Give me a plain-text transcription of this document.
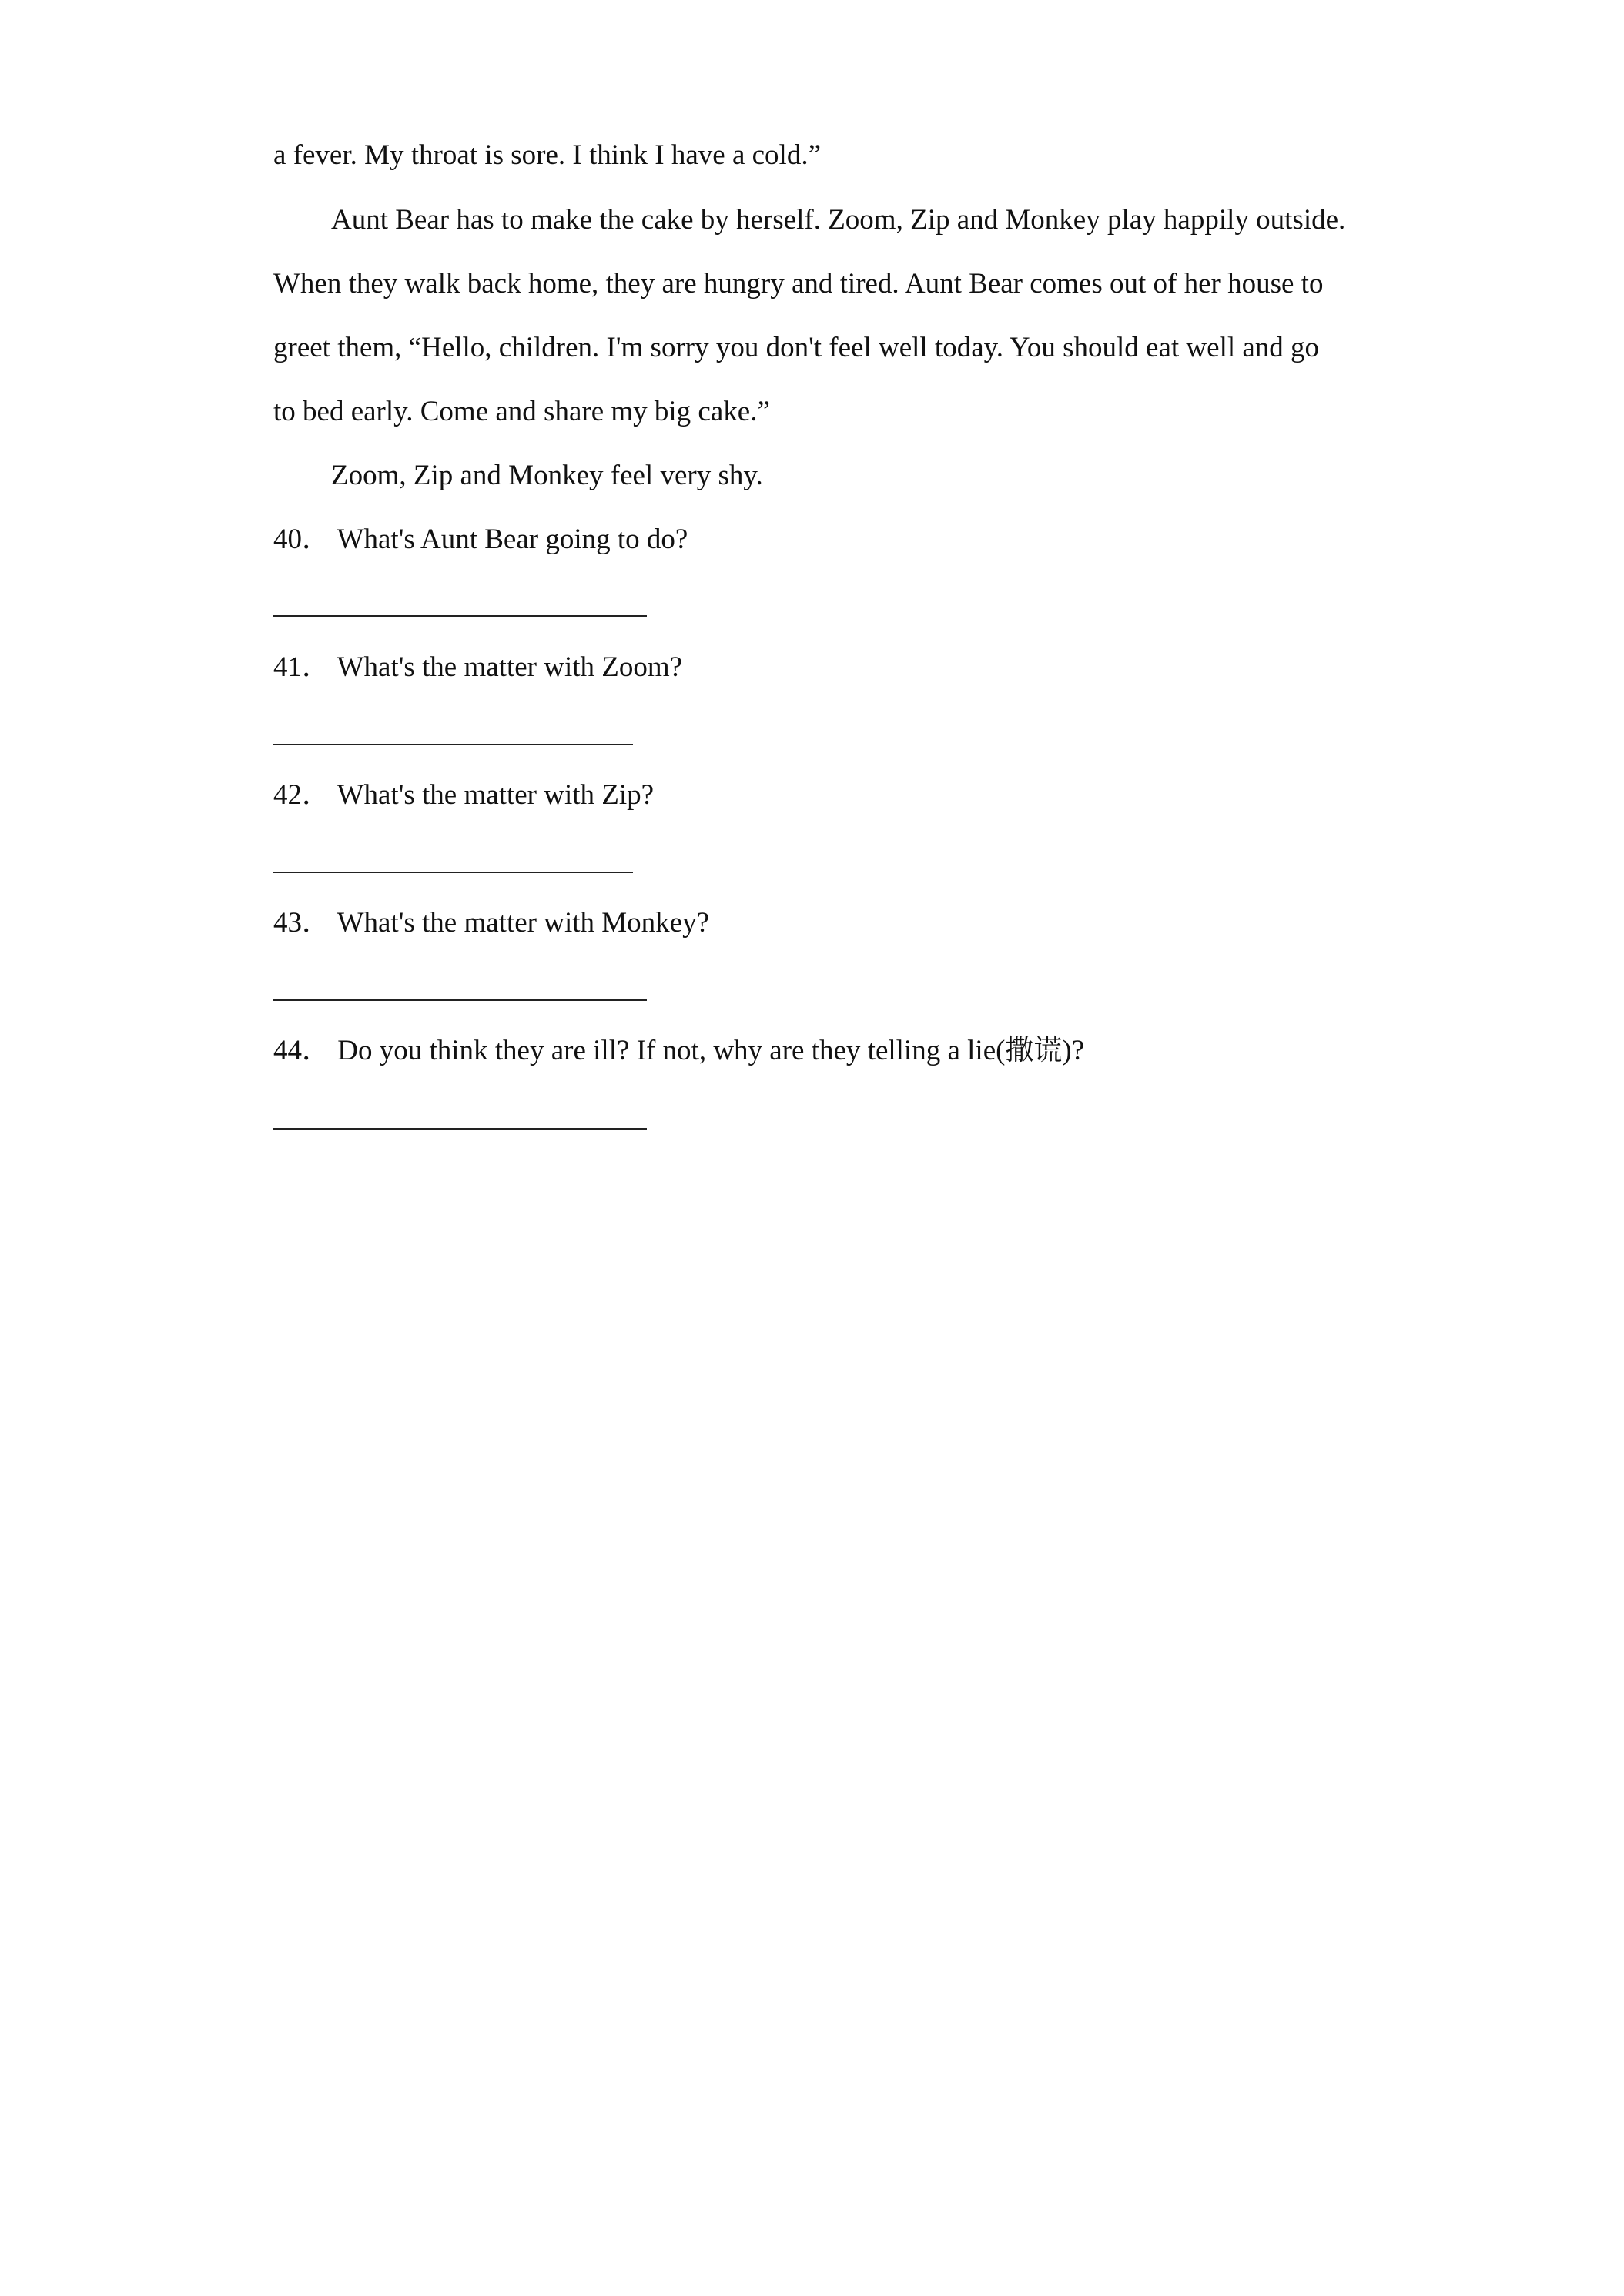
a fever. My throat is sore. I think I have a cold.”
Aunt Bear has to make the cake by herself. Zoom, Zip and Monkey play happily outside.
When they walk back home, they are hungry and tired. Aunt Bear comes out of her house to
greet them, “Hello, children. I'm sorry you don't feel well today. You should eat well and go
to bed early. Come and share my big cake.”
Zoom, Zip and Monkey feel very shy.
40． What's Aunt Bear going to do?
41． What's the matter with Zoom?
42． What's the matter with Zip?
43． What's the matter with Monkey?
44． Do you think they are ill? If not, why are they telling a lie(撒谎)?
